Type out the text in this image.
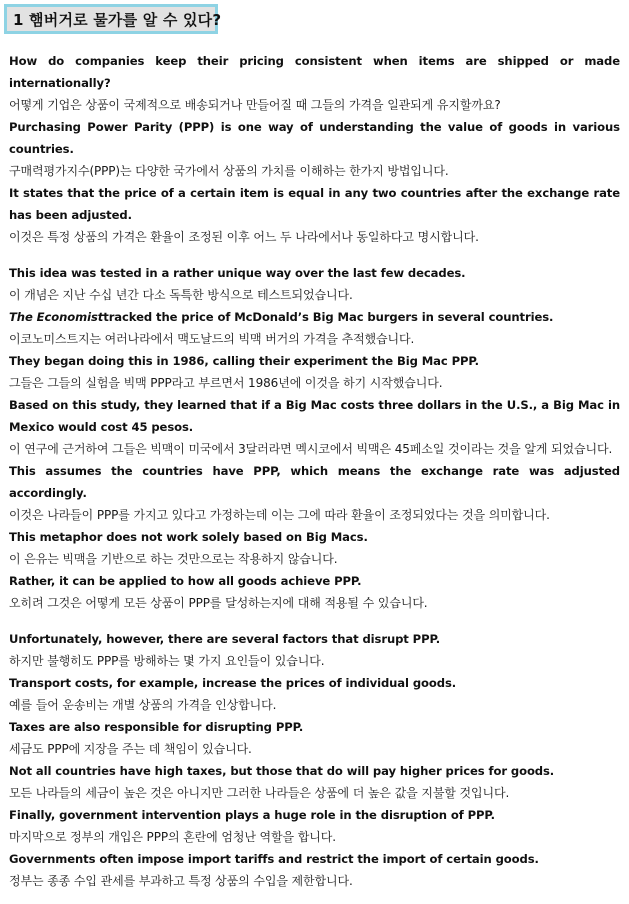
1 햄버거로 물가를 알 수 있다?

How do companies keep their pricing consistent when items are shipped or made internationally?

어떻게 기업은 상품이 국제적으로 배송되거나 만들어질 때 그들의 가격을 일관되게 유지할까요?

Purchasing Power Parity (PPP) is one way of understanding the value of goods in various countries.

구매력평가지수(PPP)는 다양한 국가에서 상품의 가치를 이해하는 한가지 방법입니다.

It states that the price of a certain item is equal in any two countries after the exchange rate has been adjusted.

이것은 특정 상품의 가격은 환율이 조정된 이후 어느 두 나라에서나 동일하다고 명시합니다.

This idea was tested in a rather unique way over the last few decades.

이 개념은 지난 수십 년간 다소 독특한 방식으로 테스트되었습니다.

The Economisttracked the price of McDonald’s Big Mac burgers in several countries.

이코노미스트지는 여러나라에서 맥도날드의 빅맥 버거의 가격을 추적했습니다.

They began doing this in 1986, calling their experiment the Big Mac PPP.

그들은 그들의 실험을 빅맥 PPP라고 부르면서 1986년에 이것을 하기 시작했습니다.

Based on this study, they learned that if a Big Mac costs three dollars in the U.S., a Big Mac in Mexico would cost 45 pesos.

이 연구에 근거하여 그들은 빅맥이 미국에서 3달러라면 멕시코에서 빅맥은 45페소일 것이라는 것을 알게 되었습니다.

This assumes the countries have PPP, which means the exchange rate was adjusted accordingly.

이것은 나라들이 PPP를 가지고 있다고 가정하는데 이는 그에 따라 환율이 조정되었다는 것을 의미합니다.

This metaphor does not work solely based on Big Macs.

이 은유는 빅맥을 기반으로 하는 것만으로는 작용하지 않습니다.

Rather, it can be applied to how all goods achieve PPP.

오히려 그것은 어떻게 모든 상품이 PPP를 달성하는지에 대해 적용될 수 있습니다.

Unfortunately, however, there are several factors that disrupt PPP.

하지만 불행히도 PPP를 방해하는 몇 가지 요인들이 있습니다.

Transport costs, for example, increase the prices of individual goods.

예를 들어 운송비는 개별 상품의 가격을 인상합니다.

Taxes are also responsible for disrupting PPP.

세금도 PPP에 지장을 주는 데 책임이 있습니다.

Not all countries have high taxes, but those that do will pay higher prices for goods.

모든 나라들의 세금이 높은 것은 아니지만 그러한 나라들은 상품에 더 높은 값을 지불할 것입니다.

Finally, government intervention plays a huge role in the disruption of PPP.

마지막으로 정부의 개입은 PPP의 혼란에 엄청난 역할을 합니다.

Governments often impose import tariffs and restrict the import of certain goods.

정부는 종종 수입 관세를 부과하고 특정 상품의 수입을 제한합니다.
